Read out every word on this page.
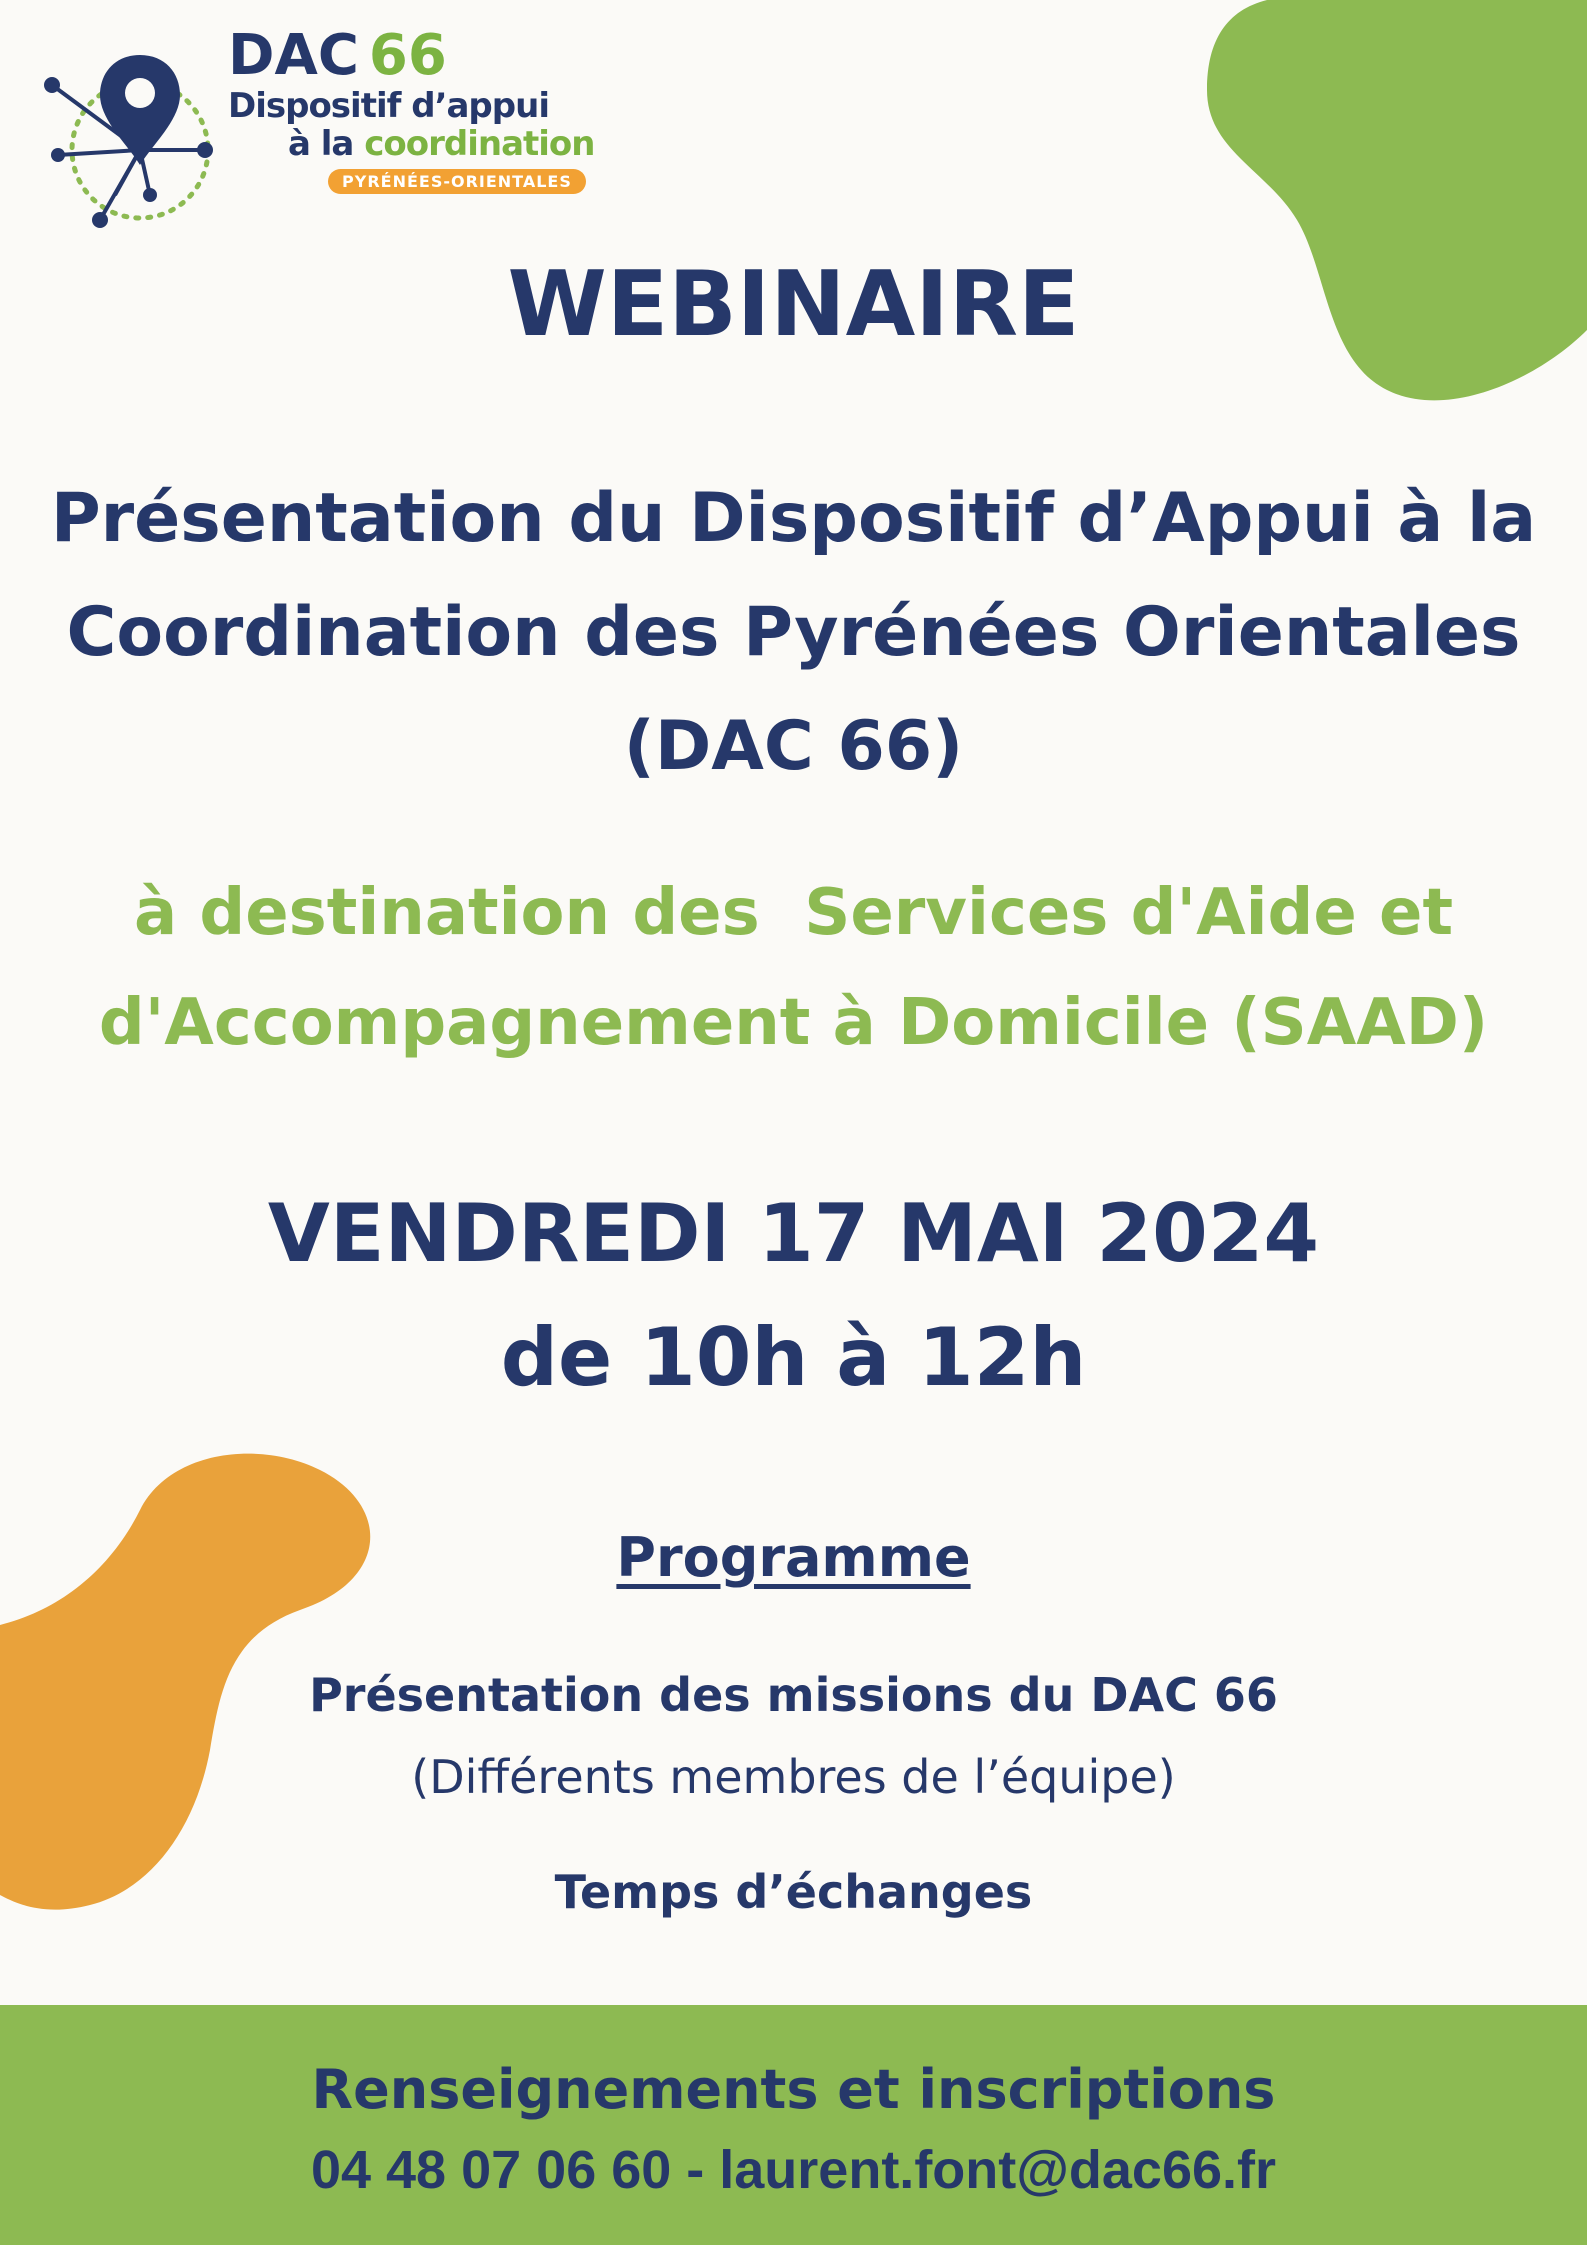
DAC 66
Dispositif d’appui
à la coordination
PYRÉNÉES-ORIENTALES
WEBINAIRE
Présentation du Dispositif d’Appui à la
Coordination des Pyrénées Orientales
(DAC 66)
à destination des  Services d'Aide et
d'Accompagnement à Domicile (SAAD)
VENDREDI 17 MAI 2024
de 10h à 12h
Programme
Présentation des missions du DAC 66
(Différents membres de l’équipe)
Temps d’échanges
Renseignements et inscriptions
04 48 07 06 60 - laurent.font@dac66.fr
